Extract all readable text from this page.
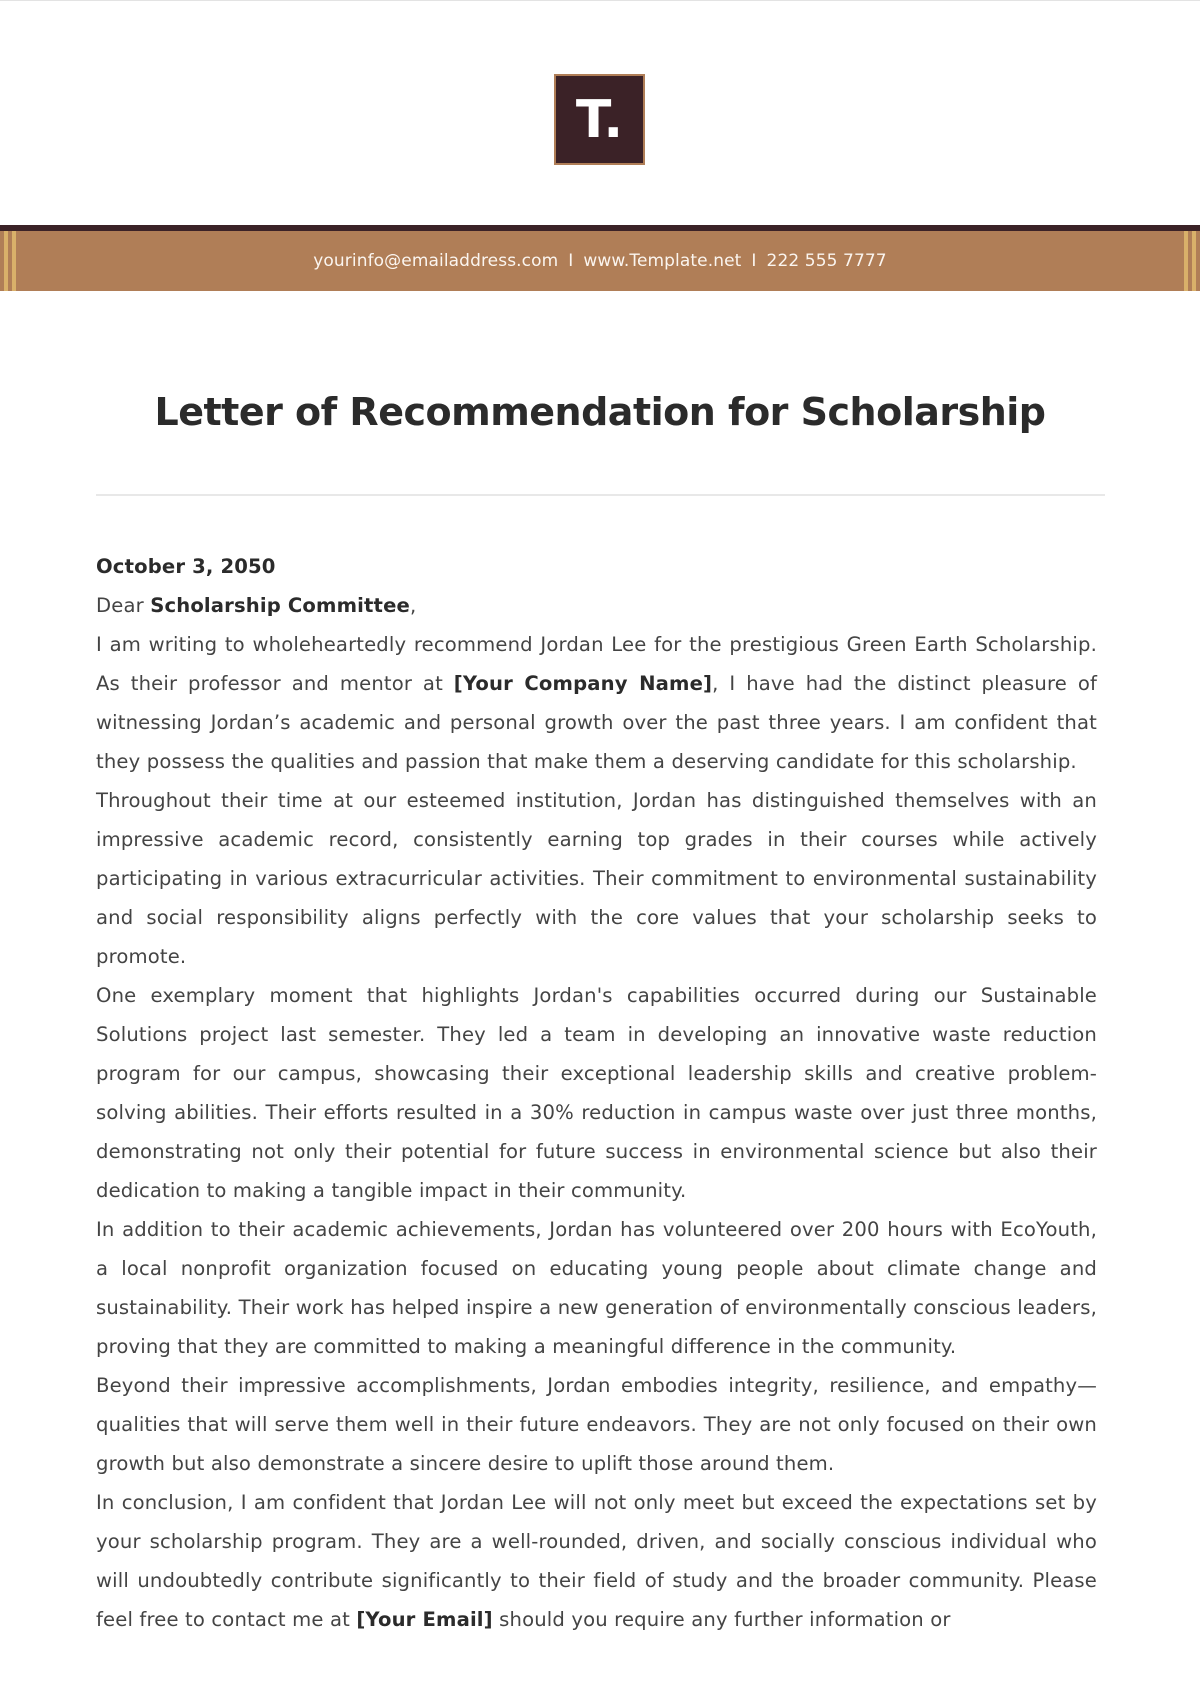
T.
yourinfo@emailaddress.com I www.Template.net I 222 555 7777
Letter of Recommendation for Scholarship

October 3, 2050

Dear Scholarship Committee,

I am writing to wholeheartedly recommend Jordan Lee for the prestigious Green Earth Scholarship. As their professor and mentor at [Your Company Name], I have had the distinct pleasure of witnessing Jordan’s academic and personal growth over the past three years. I am confident that they possess the qualities and passion that make them a deserving candidate for this scholarship.

Throughout their time at our esteemed institution, Jordan has distinguished themselves with an impressive academic record, consistently earning top grades in their courses while actively participating in various extracurricular activities. Their commitment to environmental sustainability and social responsibility aligns perfectly with the core values that your scholarship seeks to promote.

One exemplary moment that highlights Jordan's capabilities occurred during our Sustainable Solutions project last semester. They led a team in developing an innovative waste reduction program for our campus, showcasing their exceptional leadership skills and creative problem-solving abilities. Their efforts resulted in a 30% reduction in campus waste over just three months, demonstrating not only their potential for future success in environmental science but also their dedication to making a tangible impact in their community.

In addition to their academic achievements, Jordan has volunteered over 200 hours with EcoYouth, a local nonprofit organization focused on educating young people about climate change and sustainability. Their work has helped inspire a new generation of environmentally conscious leaders, proving that they are committed to making a meaningful difference in the community.

Beyond their impressive accomplishments, Jordan embodies integrity, resilience, and empathy—qualities that will serve them well in their future endeavors. They are not only focused on their own growth but also demonstrate a sincere desire to uplift those around them.

In conclusion, I am confident that Jordan Lee will not only meet but exceed the expectations set by your scholarship program. They are a well-rounded, driven, and socially conscious individual who will undoubtedly contribute significantly to their field of study and the broader community. Please feel free to contact me at [Your Email] should you require any further information or
